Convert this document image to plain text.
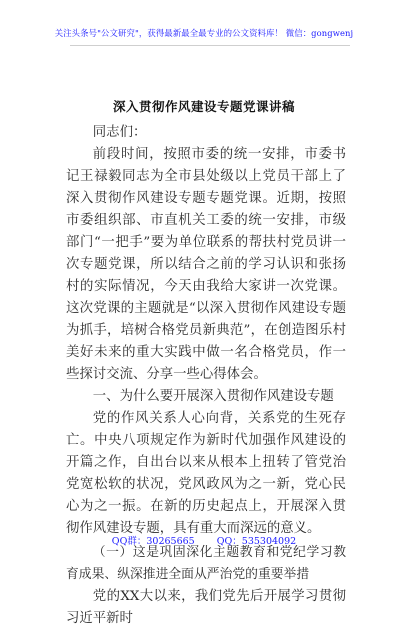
关注头条号"公文研究"，获得最新最全最专业的公文资料库！ 微信：gongwenj
深入贯彻作风建设专题党课讲稿

同志们：

前段时间，按照市委的统一安排，市委书记王禄毅同志为全市县处级以上党员干部上了深入贯彻作风建设专题专题党课。近期，按照市委组织部、市直机关工委的统一安排，市级部门“一把手”要为单位联系的帮扶村党员讲一次专题党课，所以结合之前的学习认识和张扬村的实际情况，今天由我给大家讲一次党课。这次党课的主题就是“以深入贯彻作风建设专题为抓手，培树合格党员新典范”，在创造图乐村美好未来的重大实践中做一名合格党员，作一些探讨交流、分享一些心得体会。

一、为什么要开展深入贯彻作风建设专题

党的作风关系人心向背，关系党的生死存亡。中央八项规定作为新时代加强作风建设的开篇之作，自出台以来从根本上扭转了管党治党宽松软的状况，党风政风为之一新，党心民心为之一振。在新的历史起点上，开展深入贯彻作风建设专题，具有重大而深远的意义。

（一）这是巩固深化主题教育和党纪学习教育成果、纵深推进全面从严治党的重要举措

党的XX大以来，我们党先后开展学习贯彻习近平新时

QQ群：30265665 QQ：535304092
